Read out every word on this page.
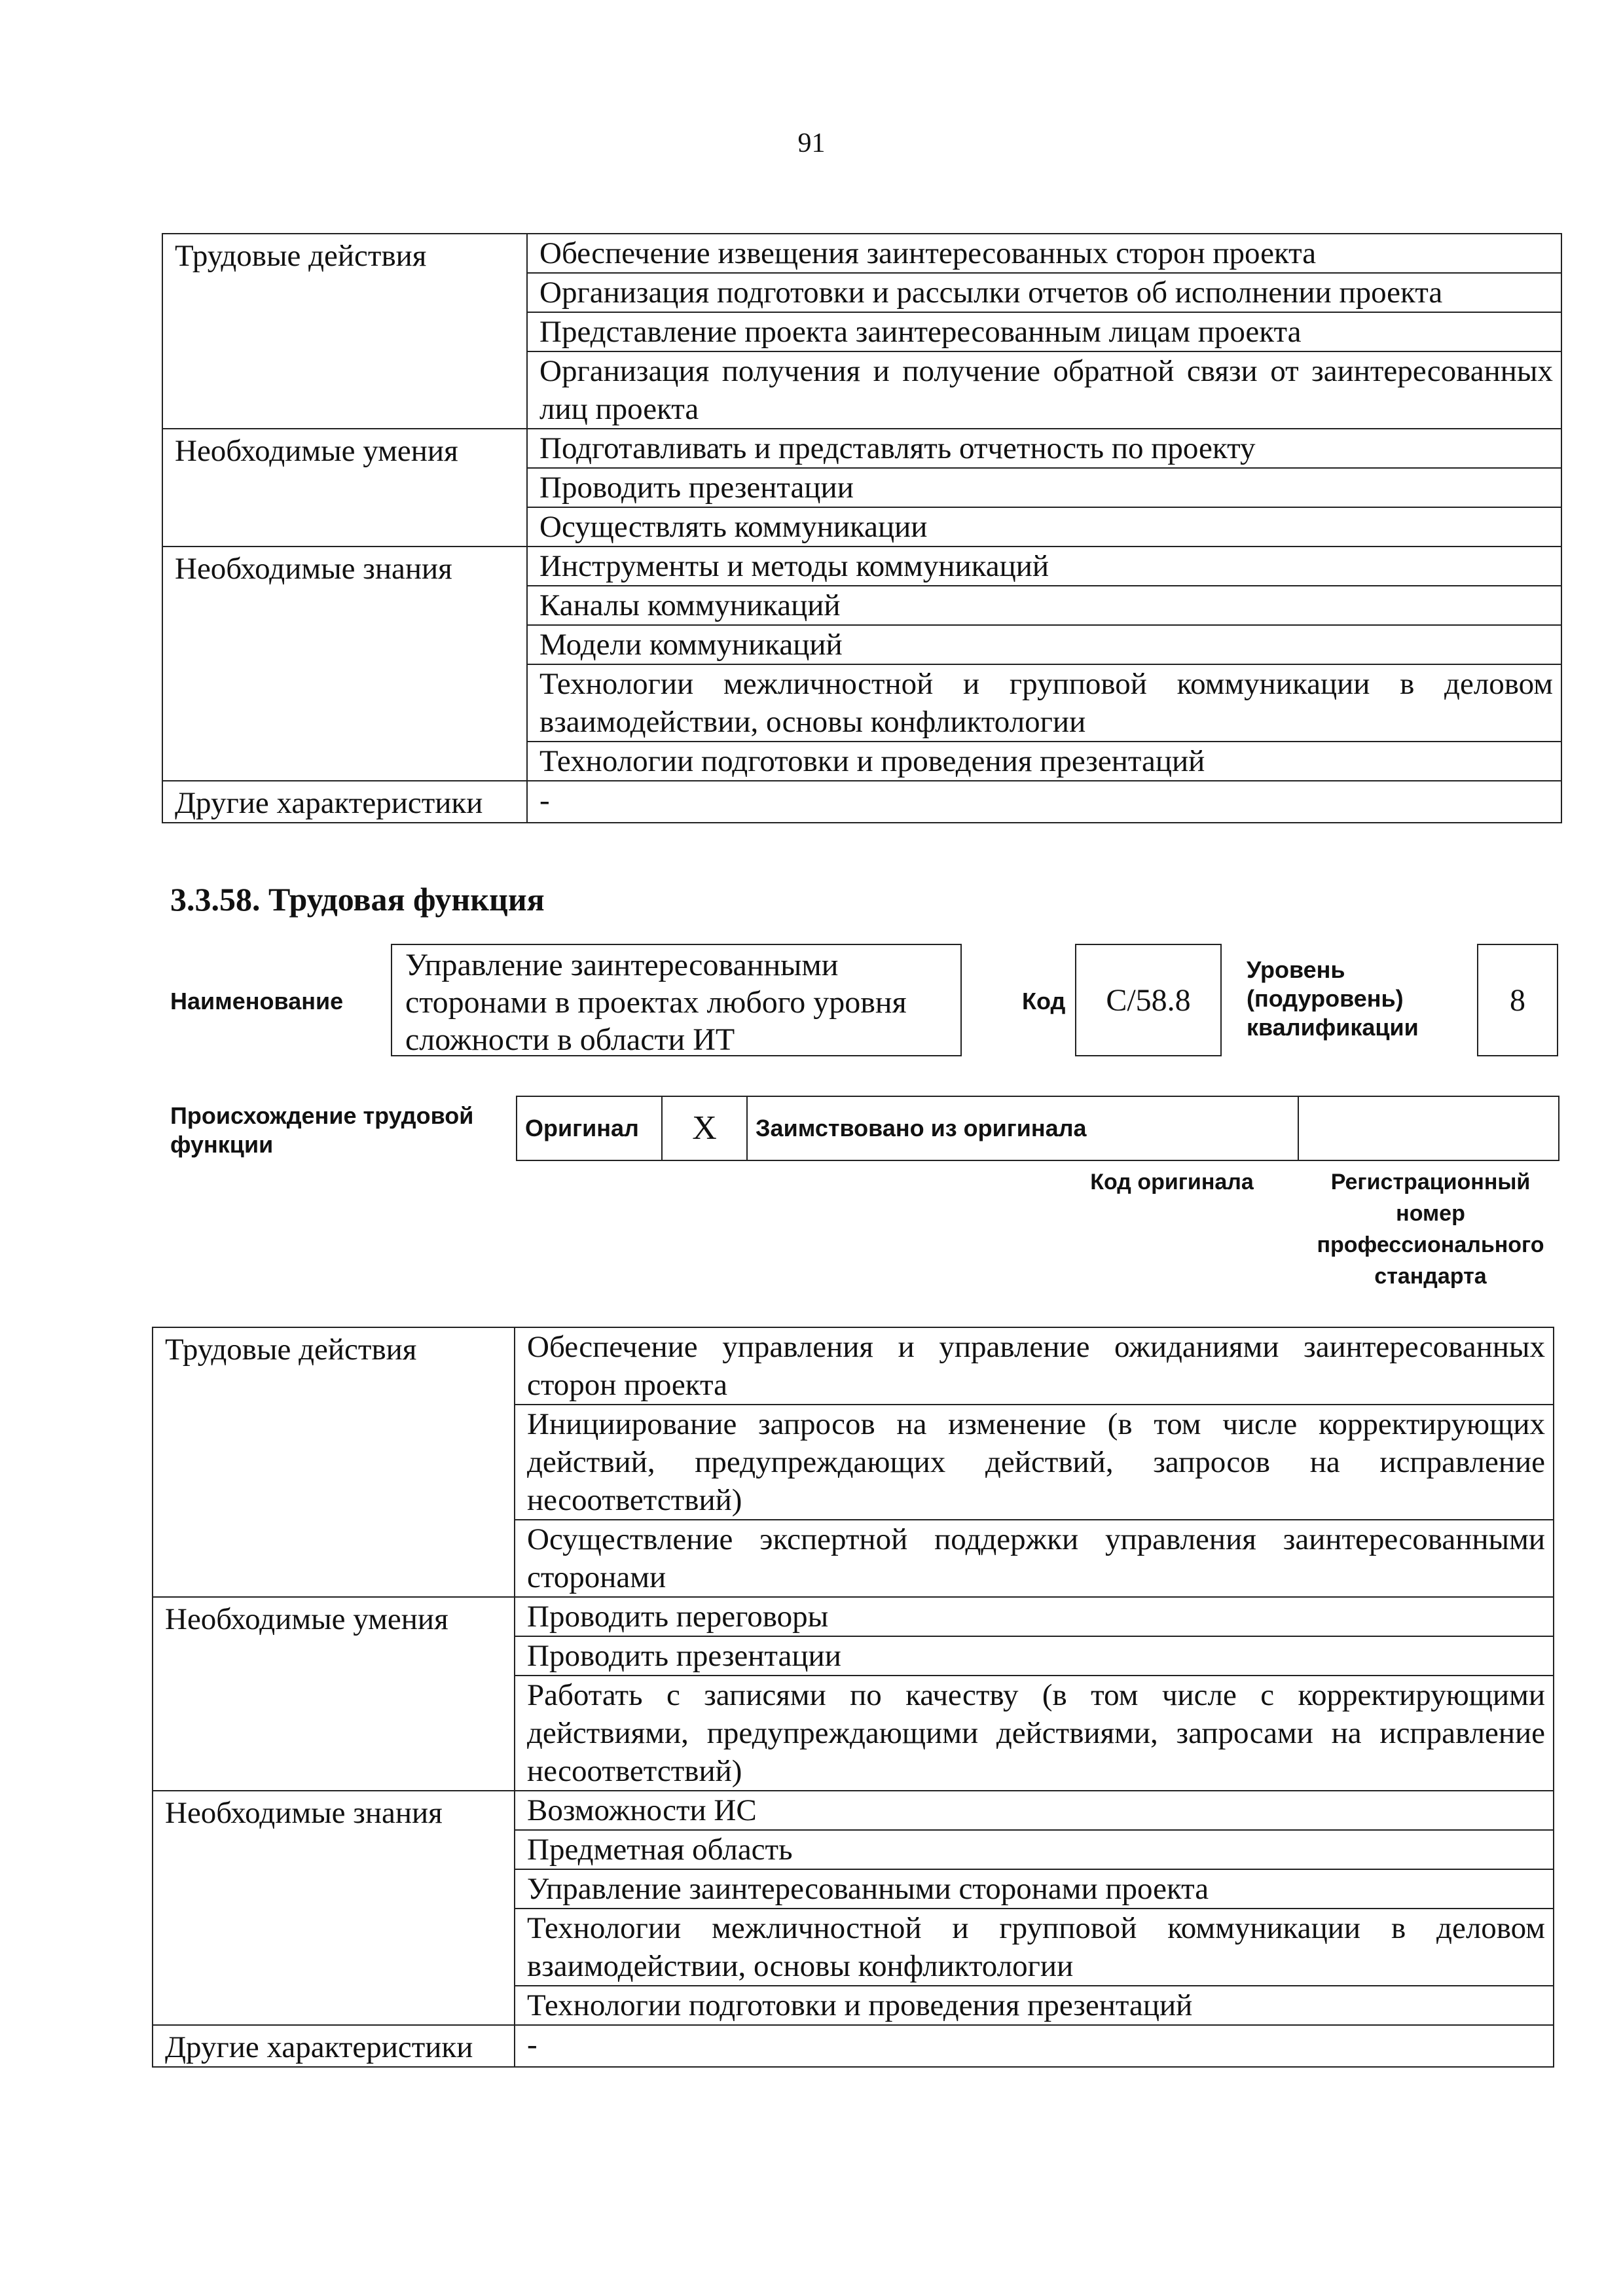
91
Трудовые действия	Обеспечение извещения заинтересованных сторон проекта
	Организация подготовки и рассылки отчетов об исполнении проекта
	Представление проекта заинтересованным лицам проекта
	Организация получения и получение обратной связи от заинтересованных лиц проекта
Необходимые умения	Подготавливать и представлять отчетность по проекту
	Проводить презентации
	Осуществлять коммуникации
Необходимые знания	Инструменты и методы коммуникаций
	Каналы коммуникаций
	Модели коммуникаций
	Технологии межличностной и групповой коммуникации в деловом взаимодействии, основы конфликтологии
	Технологии подготовки и проведения презентаций
Другие характеристики	-
3.3.58. Трудовая функция
Наименование
Управление заинтересованными сторонами в проектах любого уровня сложности в области ИТ
Код С/58.8
Уровень (подуровень) квалификации
8
Происхождение трудовой функции
Оригинал	X	Заимствовано из оригинала	
Код оригинала	Регистрационный номер профессионального стандарта
Трудовые действия	Обеспечение управления и управление ожиданиями заинтересованных сторон проекта
	Инициирование запросов на изменение (в том числе корректирующих действий, предупреждающих действий, запросов на исправление несоответствий)
	Осуществление экспертной поддержки управления заинтересованными сторонами
Необходимые умения	Проводить переговоры
	Проводить презентации
	Работать с записями по качеству (в том числе с корректирующими действиями, предупреждающими действиями, запросами на исправление несоответствий)
Необходимые знания	Возможности ИС
	Предметная область
	Управление заинтересованными сторонами проекта
	Технологии межличностной и групповой коммуникации в деловом взаимодействии, основы конфликтологии
	Технологии подготовки и проведения презентаций
Другие характеристики	-
